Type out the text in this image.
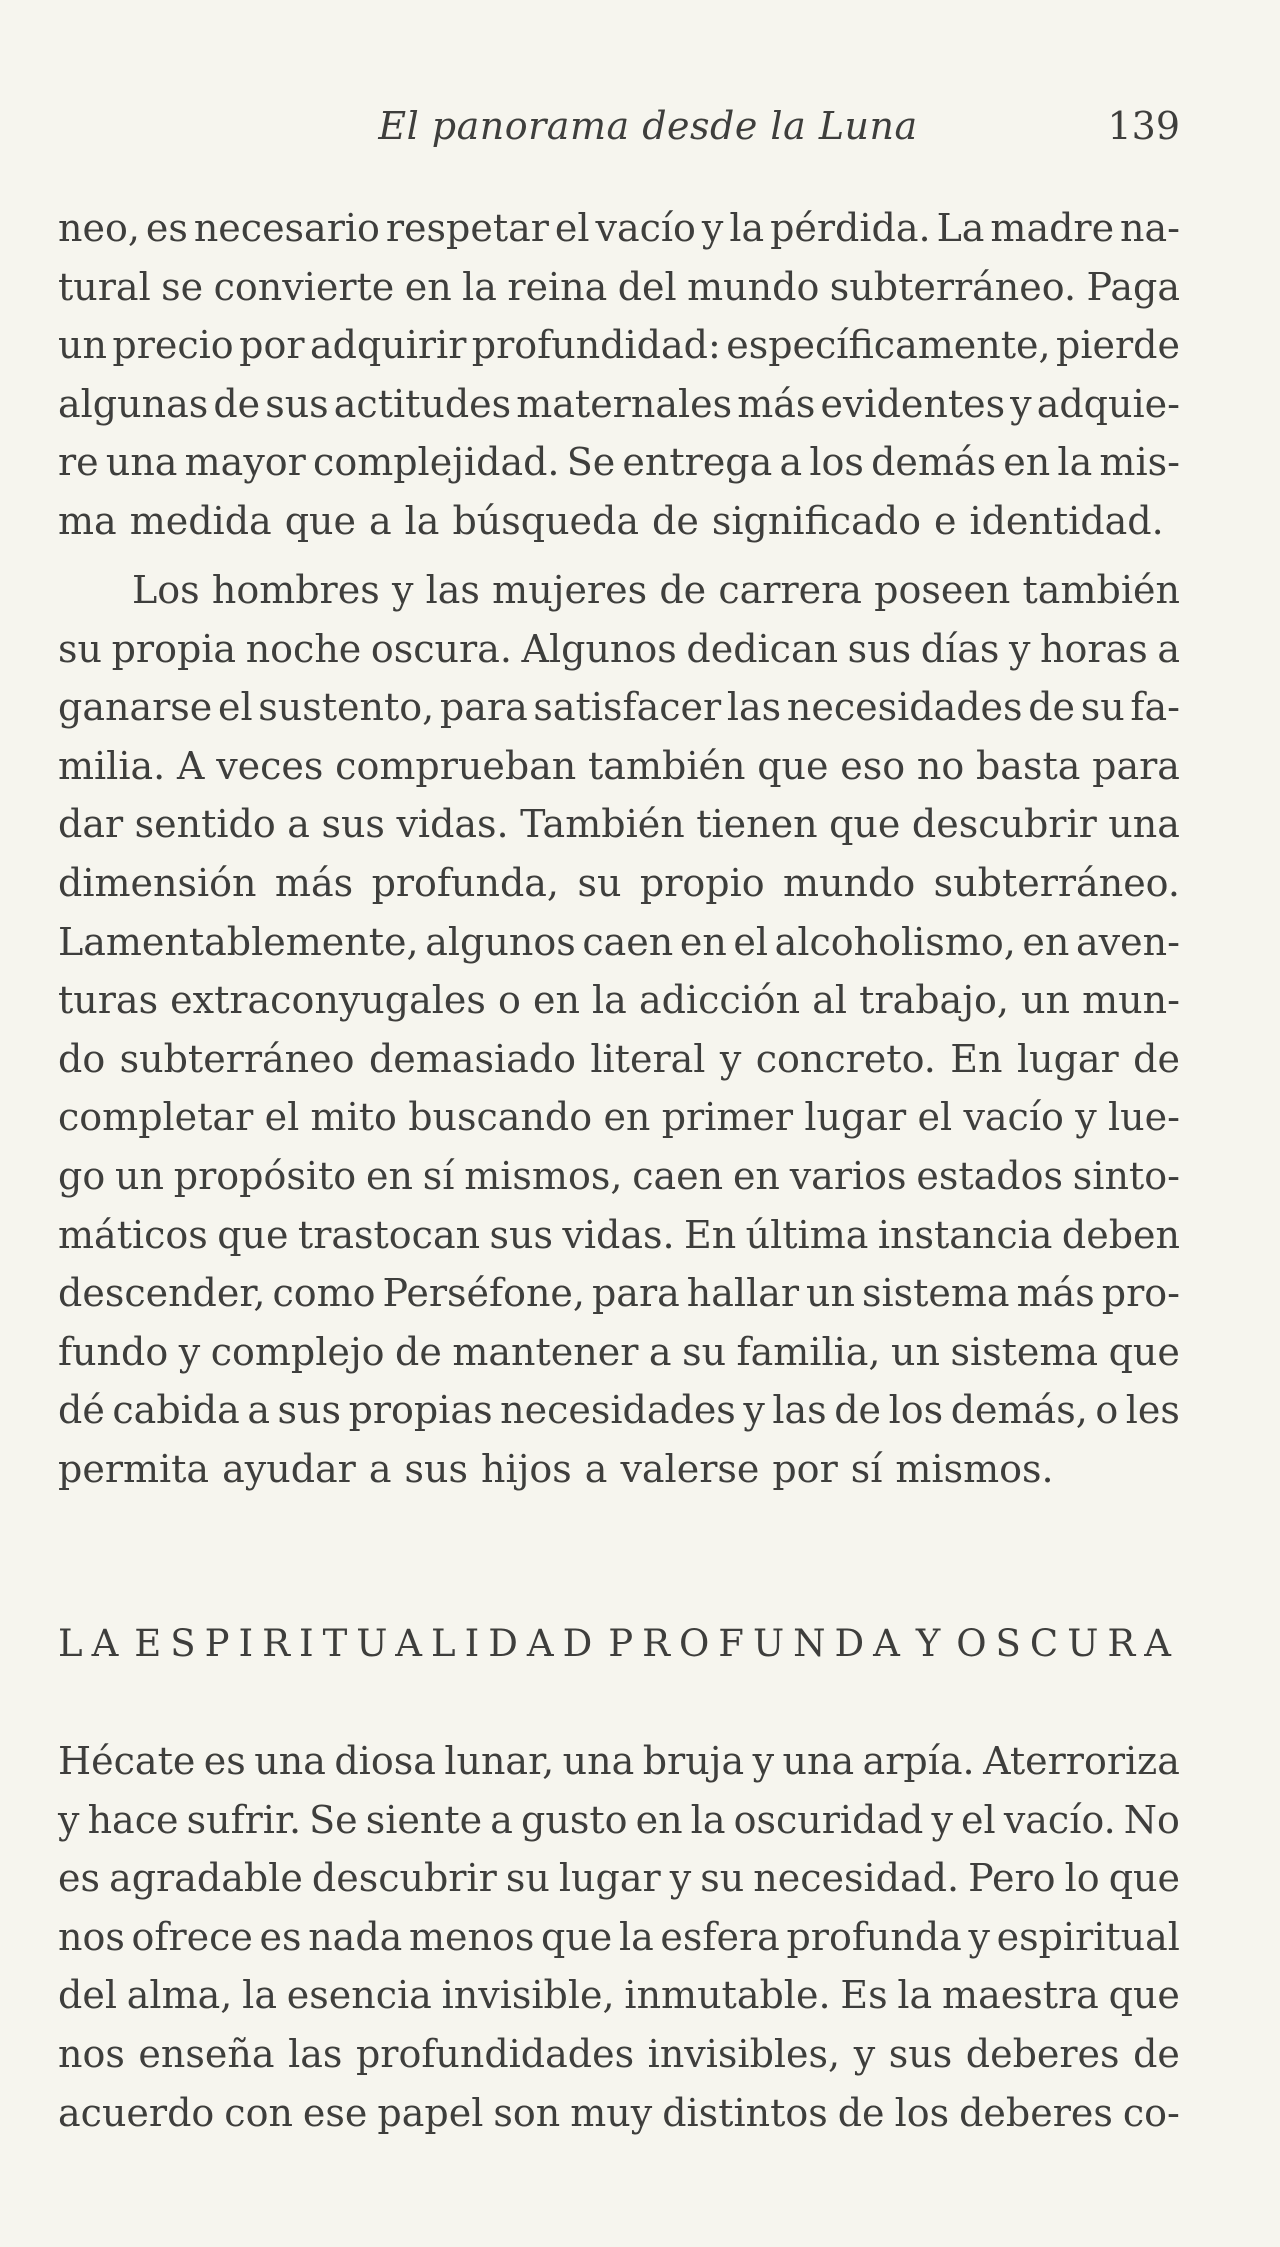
El panorama desde la Luna	139
neo, es necesario respetar el vacío y la pérdida. La madre na-
tural se convierte en la reina del mundo subterráneo. Paga
un precio por adquirir profundidad: específicamente, pierde
algunas de sus actitudes maternales más evidentes y adquie-
re una mayor complejidad. Se entrega a los demás en la mis-
ma medida que a la búsqueda de significado e identidad.
Los hombres y las mujeres de carrera poseen también
su propia noche oscura. Algunos dedican sus días y horas a
ganarse el sustento, para satisfacer las necesidades de su fa-
milia. A veces comprueban también que eso no basta para
dar sentido a sus vidas. También tienen que descubrir una
dimensión más profunda, su propio mundo subterráneo.
Lamentablemente, algunos caen en el alcoholismo, en aven-
turas extraconyugales o en la adicción al trabajo, un mun-
do subterráneo demasiado literal y concreto. En lugar de
completar el mito buscando en primer lugar el vacío y lue-
go un propósito en sí mismos, caen en varios estados sinto-
máticos que trastocan sus vidas. En última instancia deben
descender, como Perséfone, para hallar un sistema más pro-
fundo y complejo de mantener a su familia, un sistema que
dé cabida a sus propias necesidades y las de los demás, o les
permita ayudar a sus hijos a valerse por sí mismos.
LA ESPIRITUALIDAD PROFUNDA Y OSCURA
Hécate es una diosa lunar, una bruja y una arpía. Aterroriza
y hace sufrir. Se siente a gusto en la oscuridad y el vacío. No
es agradable descubrir su lugar y su necesidad. Pero lo que
nos ofrece es nada menos que la esfera profunda y espiritual
del alma, la esencia invisible, inmutable. Es la maestra que
nos enseña las profundidades invisibles, y sus deberes de
acuerdo con ese papel son muy distintos de los deberes co-
